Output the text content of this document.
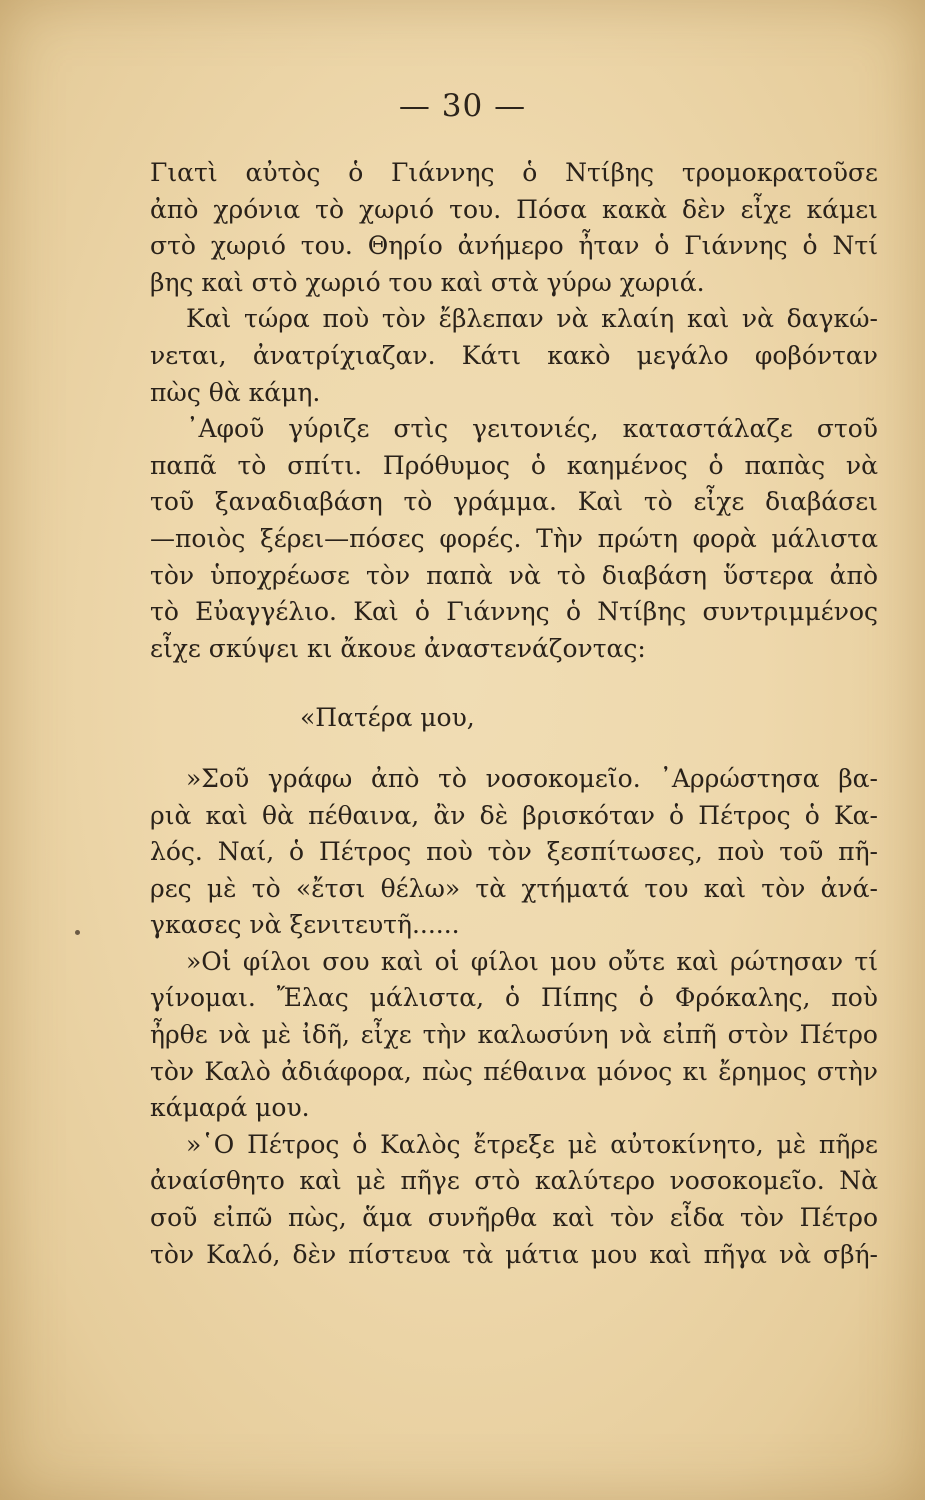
— 30 —
Γιατὶ αὐτὸς ὁ Γιάννης ὁ Ντίβης τρομοκρατοῦσε
ἀπὸ χρόνια τὸ χωριό του. Πόσα κακὰ δὲν εἶχε κάμει
στὸ χωριό του. Θηρίο ἀνήμερο ἦταν ὁ Γιάννης ὁ Ντί
βης καὶ στὸ χωριό του καὶ στὰ γύρω χωριά.
Καὶ τώρα ποὺ τὸν ἔβλεπαν νὰ κλαίη καὶ νὰ δαγκώ-
νεται, ἀνατρίχιαζαν. Κάτι κακὸ μεγάλο φοβόνταν
πὼς θὰ κάμη.
᾿Αφοῦ γύριζε στὶς γειτονιές, καταστάλαζε στοῦ
παπᾶ τὸ σπίτι. Πρόθυμος ὁ καημένος ὁ παπὰς νὰ
τοῦ ξαναδιαβάση τὸ γράμμα. Καὶ τὸ εἶχε διαβάσει
—ποιὸς ξέρει—πόσες φορές. Τὴν πρώτη φορὰ μάλιστα
τὸν ὑποχρέωσε τὸν παπὰ νὰ τὸ διαβάση ὕστερα ἀπὸ
τὸ Εὐαγγέλιο. Καὶ ὁ Γιάννης ὁ Ντίβης συντριμμένος
εἶχε σκύψει κι ἄκουε ἀναστενάζοντας:
«Πατέρα μου,
»Σοῦ γράφω ἀπὸ τὸ νοσοκομεῖο. ᾿Αρρώστησα βα-
ριὰ καὶ θὰ πέθαινα, ἂν δὲ βρισκόταν ὁ Πέτρος ὁ Κα-
λός. Ναί, ὁ Πέτρος ποὺ τὸν ξεσπίτωσες, ποὺ τοῦ πῆ-
ρες μὲ τὸ «ἔτσι θέλω» τὰ χτήματά του καὶ τὸν ἀνά-
γκασες νὰ ξενιτευτῆ......
»Οἱ φίλοι σου καὶ οἱ φίλοι μου οὔτε καὶ ρώτησαν τί
γίνομαι. Ἔλας μάλιστα, ὁ Πίπης ὁ Φρόκαλης, ποὺ
ἦρθε νὰ μὲ ἰδῆ, εἶχε τὴν καλωσύνη νὰ εἰπῆ στὸν Πέτρο
τὸν Καλὸ ἀδιάφορα, πὼς πέθαινα μόνος κι ἔρημος στὴν
κάμαρά μου.
»῾Ο Πέτρος ὁ Καλὸς ἔτρεξε μὲ αὐτοκίνητο, μὲ πῆρε
ἀναίσθητο καὶ μὲ πῆγε στὸ καλύτερο νοσοκομεῖο. Νὰ
σοῦ εἰπῶ πὼς, ἅμα συνῆρθα καὶ τὸν εἶδα τὸν Πέτρο
τὸν Καλό, δὲν πίστευα τὰ μάτια μου καὶ πῆγα νὰ σβή-
